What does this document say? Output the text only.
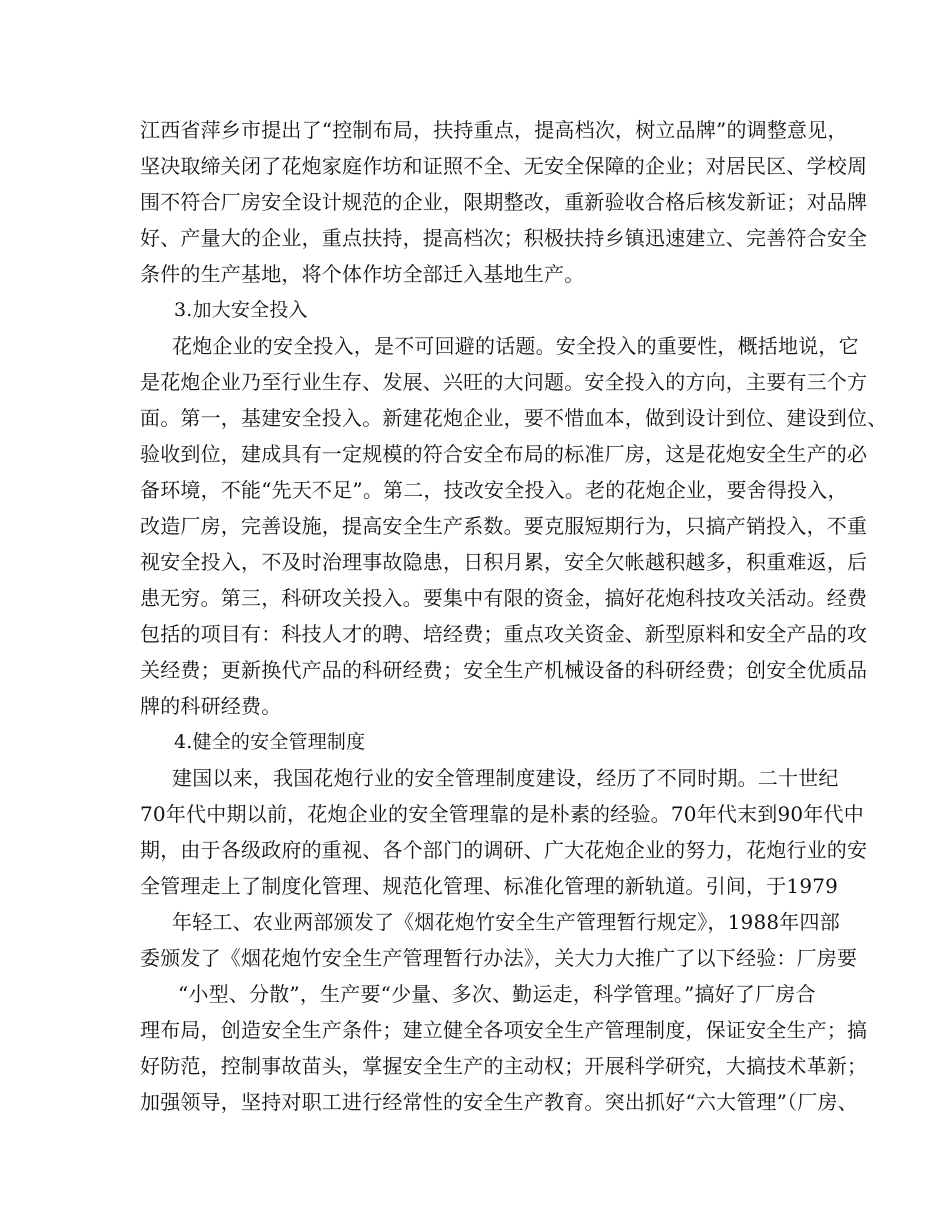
江西省萍乡市提出了“控制布局，扶持重点，提高档次，树立品牌”的调整意见，
坚决取缔关闭了花炮家庭作坊和证照不全、无安全保障的企业；对居民区、学校周
围不符合厂房安全设计规范的企业，限期整改，重新验收合格后核发新证；对品牌
好、产量大的企业，重点扶持，提高档次；积极扶持乡镇迅速建立、完善符合安全
条件的生产基地，将个体作坊全部迁入基地生产。
3.加大安全投入
花炮企业的安全投入，是不可回避的话题。安全投入的重要性，概括地说，它
是花炮企业乃至行业生存、发展、兴旺的大问题。安全投入的方向，主要有三个方
面。第一，基建安全投入。新建花炮企业，要不惜血本，做到设计到位、建设到位、
验收到位，建成具有一定规模的符合安全布局的标准厂房，这是花炮安全生产的必
备环境，不能“先天不足”。第二，技改安全投入。老的花炮企业，要舍得投入，
改造厂房，完善设施，提高安全生产系数。要克服短期行为，只搞产销投入，不重
视安全投入，不及时治理事故隐患，日积月累，安全欠帐越积越多，积重难返，后
患无穷。第三，科研攻关投入。要集中有限的资金，搞好花炮科技攻关活动。经费
包括的项目有：科技人才的聘、培经费；重点攻关资金、新型原料和安全产品的攻
关经费；更新换代产品的科研经费；安全生产机械设备的科研经费；创安全优质品
牌的科研经费。
4.健全的安全管理制度
建国以来，我国花炮行业的安全管理制度建设，经历了不同时期。二十世纪
70年代中期以前，花炮企业的安全管理靠的是朴素的经验。70年代末到90年代中
期，由于各级政府的重视、各个部门的调研、广大花炮企业的努力，花炮行业的安
全管理走上了制度化管理、规范化管理、标准化管理的新轨道。引间，于1979
年轻工、农业两部颁发了《烟花炮竹安全生产管理暂行规定》，1988年四部
委颁发了《烟花炮竹安全生产管理暂行办法》，关大力大推广了以下经验：厂房要
“小型、分散”，生产要“少量、多次、勤运走，科学管理。”搞好了厂房合
理布局，创造安全生产条件；建立健全各项安全生产管理制度，保证安全生产；搞
好防范，控制事故苗头，掌握安全生产的主动权；开展科学研究，大搞技术革新；
加强领导，坚持对职工进行经常性的安全生产教育。突出抓好“六大管理”（厂房、
